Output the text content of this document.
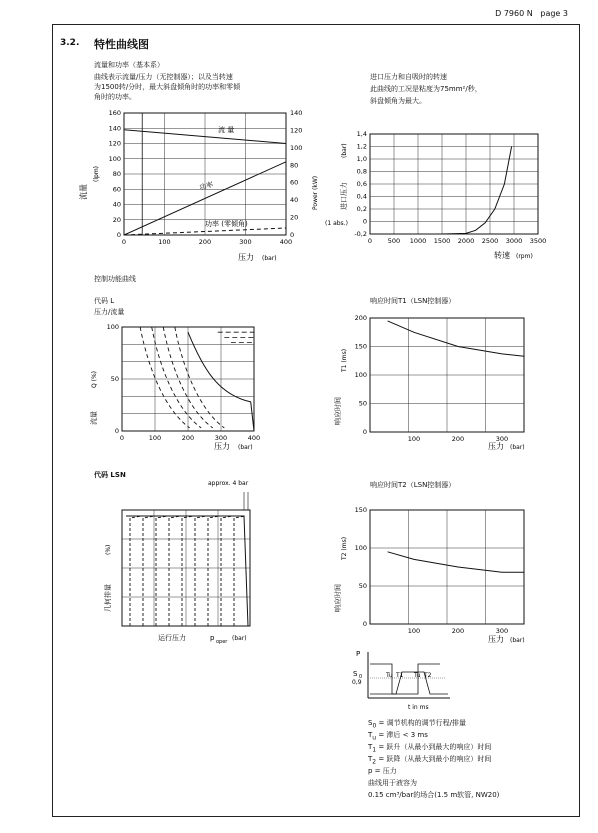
D 7960 N page 3
3.2. 特性曲线图
流量和功率（基本系）
曲线表示流量/压力（无控制器）；以及当转速
为1500转/分时，最大斜盘倾角时的功率和零倾
角时的功率。
进口压力和自吸时的转速
此曲线的工况是粘度为75mm²/秒，
斜盘倾角为最大。
0	100	200	300	400
0
20
40
60
80
100
120
140
160
0
20
40
60
80
100
120
140
流量
(lpm)
Power (kW)
压力 (bar)
流 量
功率
功率 (零倾角)
0 500 1000 1500 2000 2500 3000 3500
-0,2
0
0,2
0,4
0,6
0,8
1,0
1,2
1,4
进口压力
(bar)
(1 abs.)
转速 (rpm)
控制功能曲线
代码 L
压力/流量
响应时间T1（LSN控制器）
0	100	200	300	400
0
50
100
流量
Q (%)
压力 (bar)
100	200	300
0
50
100
150
200
响应时间
T1 (ms)
压力 (bar)
代码 LSN
响应时间T2（LSN控制器）
approx. 4 bar
几何排量
(%)
运行压力	p oper (bar)
100	200	300
0
50
100
150
响应时间
T2 (ms)
压力 (bar)
P
S 0
0,9
Tu T1 Tu T2
t in ms
$S_0$ = 调节机构的调节行程/排量
$T_u$ = 滞后 < 3 ms
$T_1$ = 跃升（从最小到最大的响应）时间
$T_2$ = 跃降（从最大到最小的响应）时间
p = 压力
曲线用于液容为
0.15 cm³/bar的场合(1.5 m软管, NW20)
